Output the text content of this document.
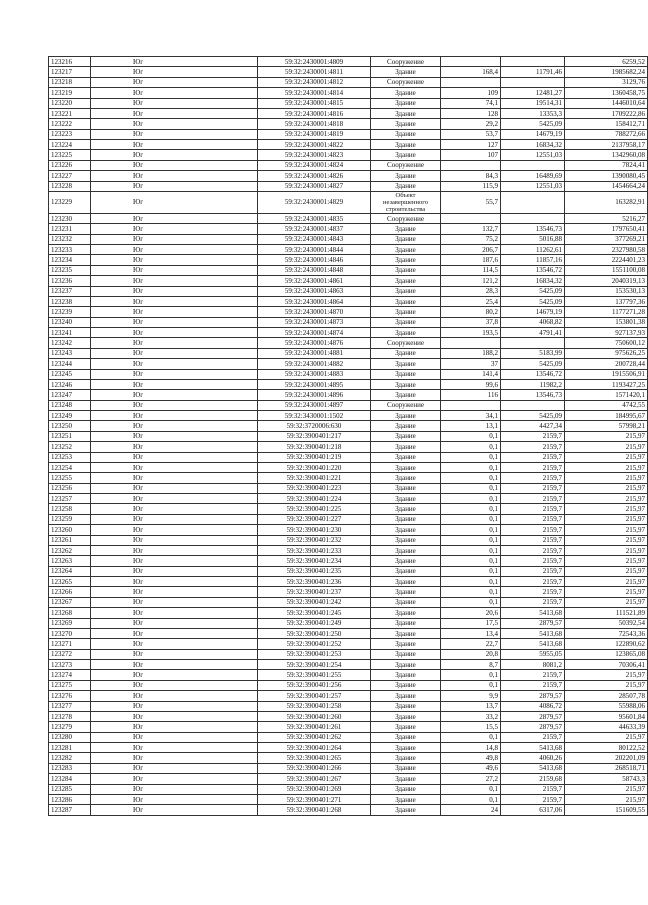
123216	Юг	59:32:2430001:4809	Сооружение			6259,52
123217	Юг	59:32:2430001:4811	Здание	168,4	11791,46	1985682,24
123218	Юг	59:32:2430001:4812	Сооружение			3129,76
123219	Юг	59:32:2430001:4814	Здание	109	12481,27	1360458,75
123220	Юг	59:32:2430001:4815	Здание	74,1	19514,31	1446010,64
123221	Юг	59:32:2430001:4816	Здание	128	13353,3	1709222,86
123222	Юг	59:32:2430001:4818	Здание	29,2	5425,09	158412,71
123223	Юг	59:32:2430001:4819	Здание	53,7	14679,19	788272,66
123224	Юг	59:32:2430001:4822	Здание	127	16834,32	2137958,17
123225	Юг	59:32:2430001:4823	Здание	107	12551,03	1342960,08
123226	Юг	59:32:2430001:4824	Сооружение			7824,41
123227	Юг	59:32:2430001:4826	Здание	84,3	16489,69	1390080,45
123228	Юг	59:32:2430001:4827	Здание	115,9	12551,03	1454664,24
123229	Юг	59:32:2430001:4829	Объект незавершенного строительства	55,7		163282,91
123230	Юг	59:32:2430001:4835	Сооружение			5216,27
123231	Юг	59:32:2430001:4837	Здание	132,7	13546,73	1797650,41
123232	Юг	59:32:2430001:4843	Здание	75,2	5016,88	377269,21
123233	Юг	59:32:2430001:4844	Здание	206,7	11262,61	2327980,58
123234	Юг	59:32:2430001:4846	Здание	187,6	11857,16	2224401,23
123235	Юг	59:32:2430001:4848	Здание	114,5	13546,72	1551100,08
123236	Юг	59:32:2430001:4861	Здание	121,2	16834,32	2040319,13
123237	Юг	59:32:2430001:4863	Здание	28,3	5425,09	153530,13
123238	Юг	59:32:2430001:4864	Здание	25,4	5425,09	137797,36
123239	Юг	59:32:2430001:4870	Здание	80,2	14679,19	1177271,28
123240	Юг	59:32:2430001:4873	Здание	37,8	4068,82	153801,38
123241	Юг	59:32:2430001:4874	Здание	193,5	4791,41	927137,93
123242	Юг	59:32:2430001:4876	Сооружение			750600,12
123243	Юг	59:32:2430001:4881	Здание	188,2	5183,99	975626,25
123244	Юг	59:32:2430001:4882	Здание	37	5425,09	200728,44
123245	Юг	59:32:2430001:4883	Здание	141,4	13546,72	1915506,91
123246	Юг	59:32:2430001:4895	Здание	99,6	11982,2	1193427,25
123247	Юг	59:32:2430001:4896	Здание	116	13546,73	1571420,1
123248	Юг	59:32:2430001:4897	Сооружение			4742,55
123249	Юг	59:32:3430001:1502	Здание	34,1	5425,09	184995,67
123250	Юг	59:32:3720006:630	Здание	13,1	4427,34	57998,21
123251	Юг	59:32:3900401:217	Здание	0,1	2159,7	215,97
123252	Юг	59:32:3900401:218	Здание	0,1	2159,7	215,97
123253	Юг	59:32:3900401:219	Здание	0,1	2159,7	215,97
123254	Юг	59:32:3900401:220	Здание	0,1	2159,7	215,97
123255	Юг	59:32:3900401:221	Здание	0,1	2159,7	215,97
123256	Юг	59:32:3900401:223	Здание	0,1	2159,7	215,97
123257	Юг	59:32:3900401:224	Здание	0,1	2159,7	215,97
123258	Юг	59:32:3900401:225	Здание	0,1	2159,7	215,97
123259	Юг	59:32:3900401:227	Здание	0,1	2159,7	215,97
123260	Юг	59:32:3900401:230	Здание	0,1	2159,7	215,97
123261	Юг	59:32:3900401:232	Здание	0,1	2159,7	215,97
123262	Юг	59:32:3900401:233	Здание	0,1	2159,7	215,97
123263	Юг	59:32:3900401:234	Здание	0,1	2159,7	215,97
123264	Юг	59:32:3900401:235	Здание	0,1	2159,7	215,97
123265	Юг	59:32:3900401:236	Здание	0,1	2159,7	215,97
123266	Юг	59:32:3900401:237	Здание	0,1	2159,7	215,97
123267	Юг	59:32:3900401:242	Здание	0,1	2159,7	215,97
123268	Юг	59:32:3900401:245	Здание	20,6	5413,68	111521,89
123269	Юг	59:32:3900401:249	Здание	17,5	2879,57	50392,54
123270	Юг	59:32:3900401:250	Здание	13,4	5413,68	72543,36
123271	Юг	59:32:3900401:252	Здание	22,7	5413,68	122890,62
123272	Юг	59:32:3900401:253	Здание	20,8	5955,05	123865,08
123273	Юг	59:32:3900401:254	Здание	8,7	8081,2	70306,41
123274	Юг	59:32:3900401:255	Здание	0,1	2159,7	215,97
123275	Юг	59:32:3900401:256	Здание	0,1	2159,7	215,97
123276	Юг	59:32:3900401:257	Здание	9,9	2879,57	28507,78
123277	Юг	59:32:3900401:258	Здание	13,7	4086,72	55988,06
123278	Юг	59:32:3900401:260	Здание	33,2	2879,57	95601,84
123279	Юг	59:32:3900401:261	Здание	15,5	2879,57	44633,39
123280	Юг	59:32:3900401:262	Здание	0,1	2159,7	215,97
123281	Юг	59:32:3900401:264	Здание	14,8	5413,68	80122,52
123282	Юг	59:32:3900401:265	Здание	49,8	4060,26	202201,09
123283	Юг	59:32:3900401:266	Здание	49,6	5413,68	268518,71
123284	Юг	59:32:3900401:267	Здание	27,2	2159,68	58743,3
123285	Юг	59:32:3900401:269	Здание	0,1	2159,7	215,97
123286	Юг	59:32:3900401:271	Здание	0,1	2159,7	215,97
123287	Юг	59:32:3900401:268	Здание	24	6317,06	151609,55
